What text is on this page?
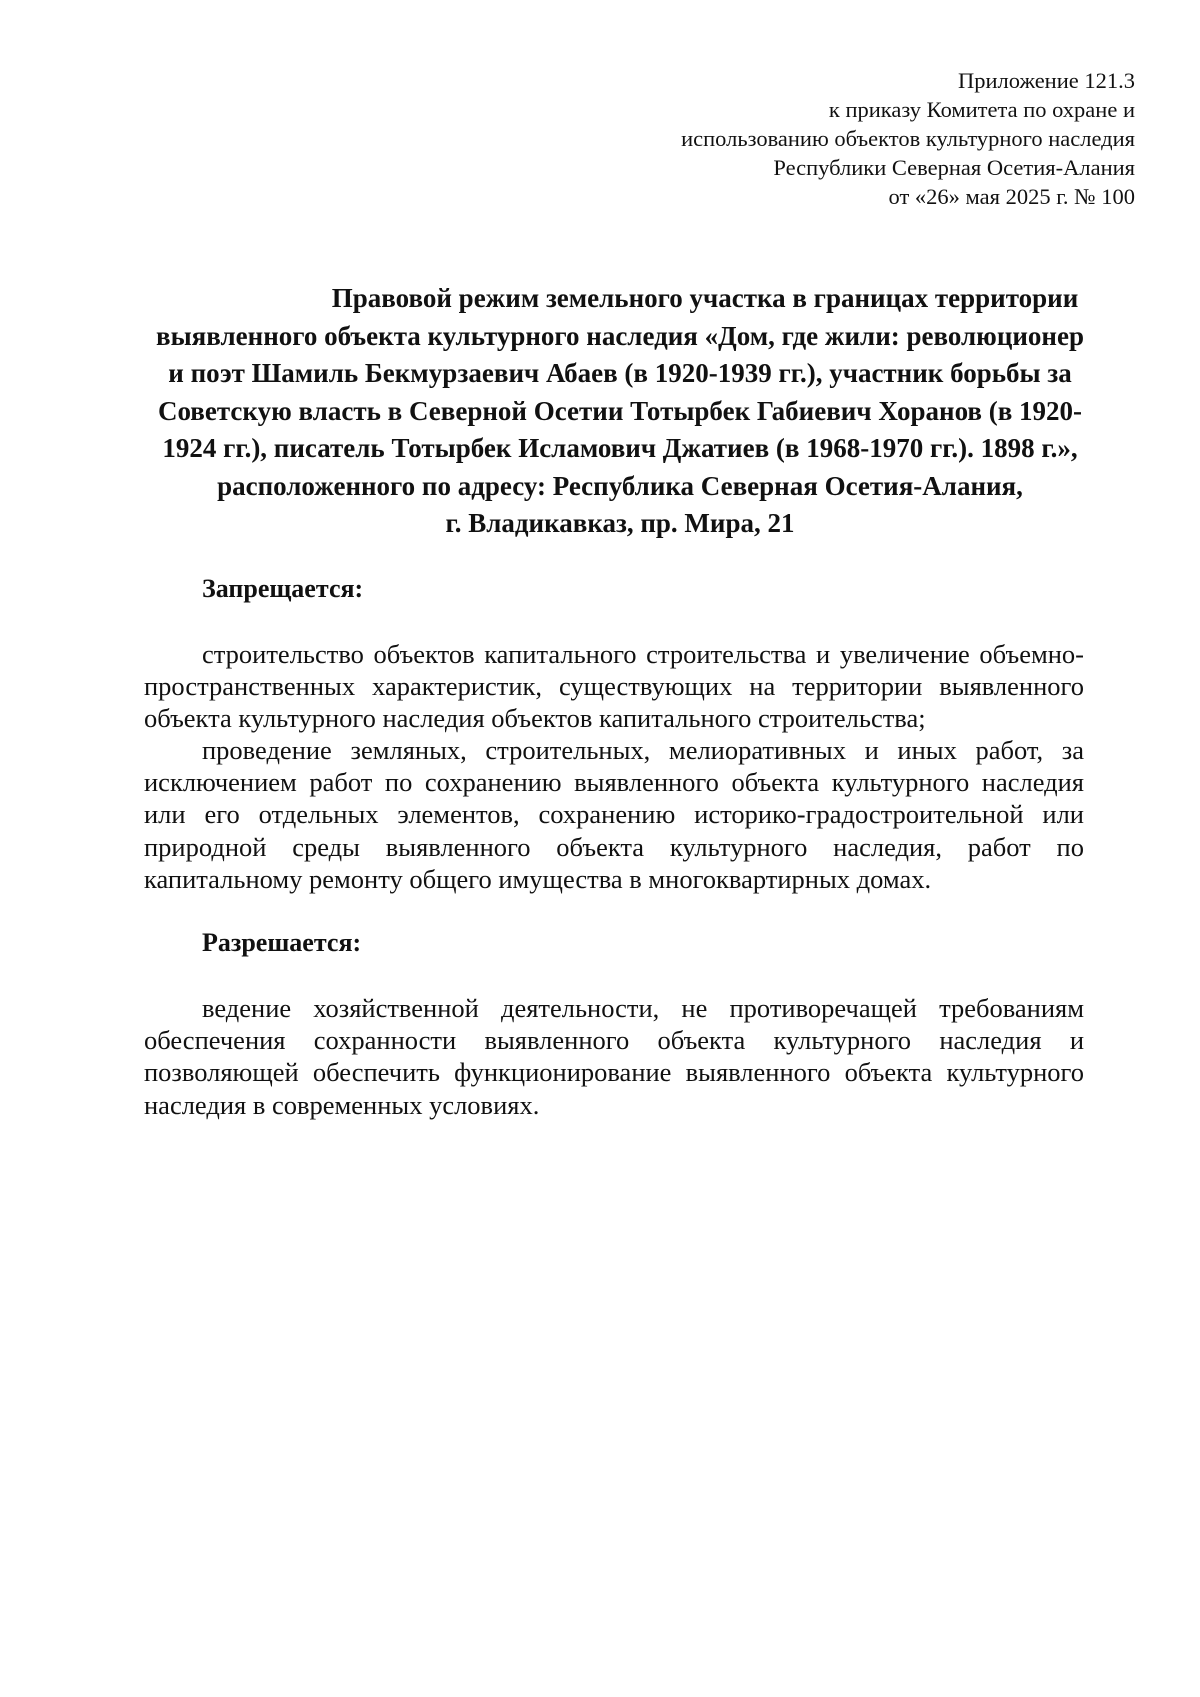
Приложение 121.3
к приказу Комитета по охране и
использованию объектов культурного наследия
Республики Северная Осетия-Алания
от «26» мая 2025 г. № 100
Правовой режим земельного участка в границах территории
выявленного объекта культурного наследия «Дом, где жили: революционер
и поэт Шамиль Бекмурзаевич Абаев (в 1920-1939 гг.), участник борьбы за
Советскую власть в Северной Осетии Тотырбек Габиевич Хоранов (в 1920-
1924 гг.), писатель Тотырбек Исламович Джатиев (в 1968-1970 гг.). 1898 г.»,
расположенного по адресу: Республика Северная Осетия-Алания,
г. Владикавказ, пр. Мира, 21
Запрещается:

строительство объектов капитального строительства и увеличение объемно-пространственных характеристик, существующих на территории выявленного объекта культурного наследия объектов капитального строительства;

проведение земляных, строительных, мелиоративных и иных работ, за исключением работ по сохранению выявленного объекта культурного наследия или его отдельных элементов, сохранению историко-градостроительной или природной среды выявленного объекта культурного наследия, работ по капитальному ремонту общего имущества в многоквартирных домах.

Разрешается:

ведение хозяйственной деятельности, не противоречащей требованиям обеспечения сохранности выявленного объекта культурного наследия и позволяющей обеспечить функционирование выявленного объекта культурного наследия в современных условиях.
